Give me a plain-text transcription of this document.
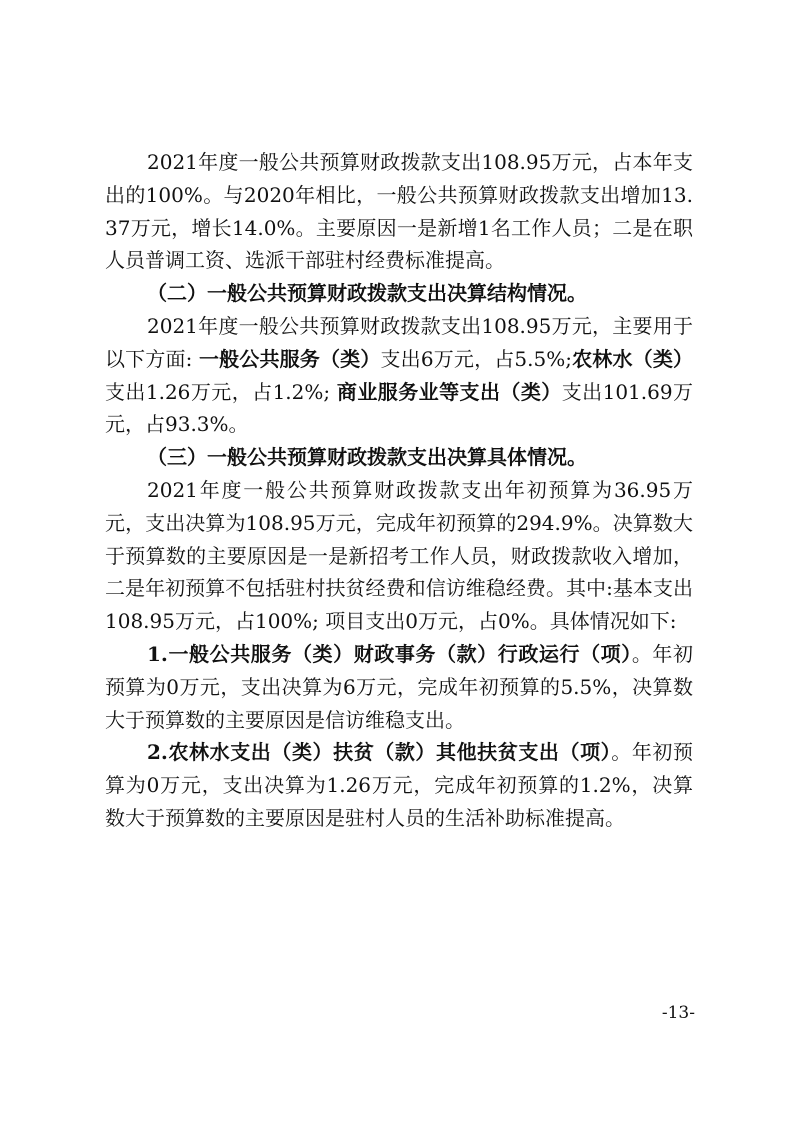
2021年度一般公共预算财政拨款支出108.95万元，占本年支出的100%。与2020年相比，一般公共预算财政拨款支出增加13.37万元，增长14.0%。主要原因一是新增1名工作人员；二是在职人员普调工资、选派干部驻村经费标准提高。

（二）一般公共预算财政拨款支出决算结构情况。

2021年度一般公共预算财政拨款支出108.95万元，主要用于以下方面: 一般公共服务（类）支出6万元，占5.5%;农林水（类）支出1.26万元，占1.2%; 商业服务业等支出（类）支出101.69万元，占93.3%。

（三）一般公共预算财政拨款支出决算具体情况。

2021年度一般公共预算财政拨款支出年初预算为36.95万元，支出决算为108.95万元，完成年初预算的294.9%。决算数大于预算数的主要原因是一是新招考工作人员，财政拨款收入增加，二是年初预算不包括驻村扶贫经费和信访维稳经费。其中:基本支出108.95万元，占100%; 项目支出0万元，占0%。具体情况如下:

1.一般公共服务（类）财政事务（款）行政运行（项）。年初预算为0万元，支出决算为6万元，完成年初预算的5.5%，决算数大于预算数的主要原因是信访维稳支出。

2.农林水支出（类）扶贫（款）其他扶贫支出（项）。年初预算为0万元，支出决算为1.26万元，完成年初预算的1.2%，决算数大于预算数的主要原因是驻村人员的生活补助标准提高。

-13-
